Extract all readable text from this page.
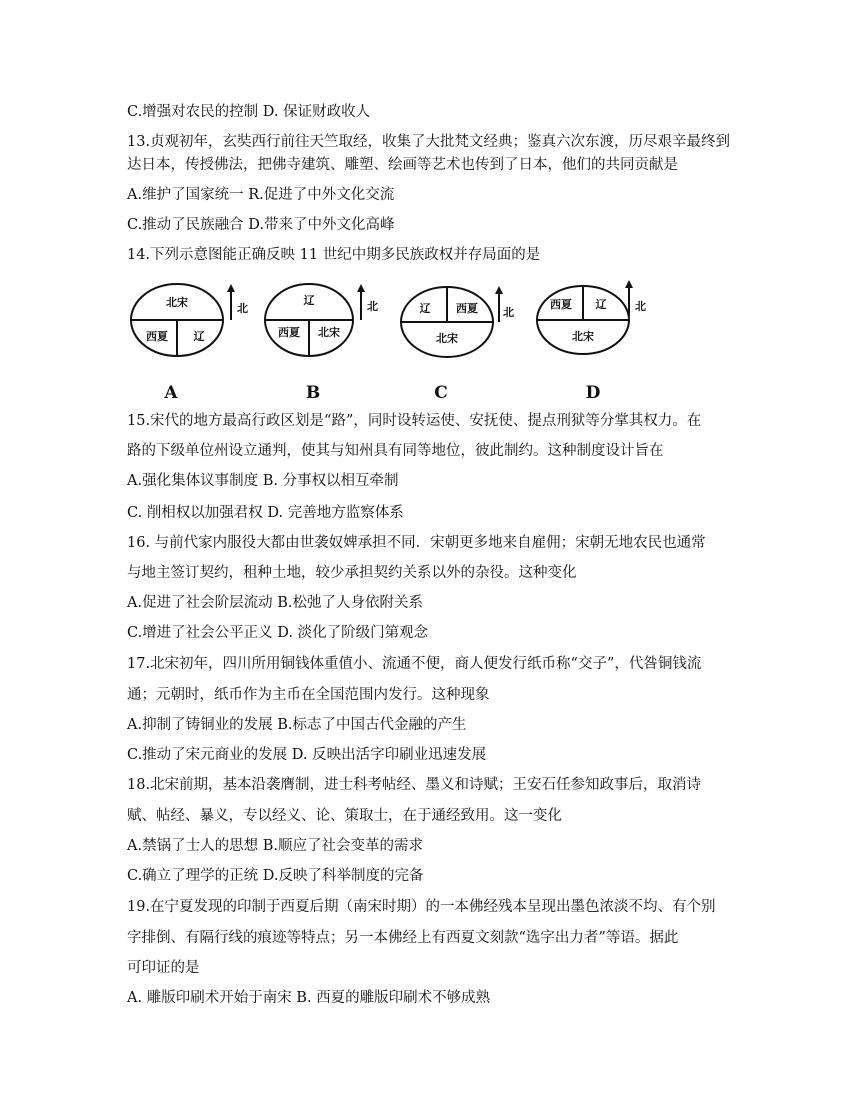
C.增强对农民的控制 D. 保证财政收人
13.贞观初年，玄奘西行前往天竺取经，收集了大批梵文经典；鉴真六次东渡，历尽艰辛最终到
达日本，传授佛法，把佛寺建筑、雕塑、绘画等艺术也传到了日本，他们的共同贡献是
A.维护了国家统一 R.促进了中外文化交流
C.推动了民族融合 D.带来了中外文化高峰
14.下列示意图能正确反映 11 世纪中期多民族政权并存局面的是
北宋
西夏 辽
北
A
辽
西夏 北宋
北
B
辽 西夏
北宋
北
C
西夏 辽
北宋
北
D
15.宋代的地方最高行政区划是“路”，同时设转运使、安抚使、提点刑狱等分掌其权力。在
路的下级单位州设立通判，使其与知州具有同等地位，彼此制约。这种制度设计旨在
A.强化集体议事制度 B. 分事权以相互牵制
C. 削相权以加强君权 D. 完善地方监察体系
16. 与前代家内服役大都由世袭奴婢承担不同．宋朝更多地来自雇佣；宋朝无地农民也通常
与地主签订契约，租种土地，较少承担契约关系以外的杂役。这种变化
A.促进了社会阶层流动 B.松弛了人身依附关系
C.增进了社会公平正义 D. 淡化了阶级门第观念
17.北宋初年，四川所用铜钱体重值小、流通不便，商人便发行纸币称“交子”，代咎铜钱流
通；元朝时，纸币作为主币在全国范围内发行。这种现象
A.抑制了铸铜业的发展 B.标志了中国古代金融的产生
C.推动了宋元商业的发展 D. 反映出活字印刷业迅速发展
18.北宋前期，基本沿袭膺制，进士科考帖经、墨义和诗赋；王安石任参知政事后，取消诗
赋、帖经、暴义，专以经义、论、策取士，在于通经致用。这一变化
A.禁锅了士人的思想 B.顺应了社会变革的需求
C.确立了理学的正统 D.反映了科举制度的完备
19.在宁夏发现的印制于西夏后期（南宋时期）的一本佛经残本呈现出墨色浓淡不均、有个别
字排倒、有隔行线的痕迹等特点；另一本佛经上有西夏文刻款“选字出力者”等语。据此
可印证的是
A. 雕版印刷术开始于南宋 B. 西夏的雕版印刷术不够成熟
